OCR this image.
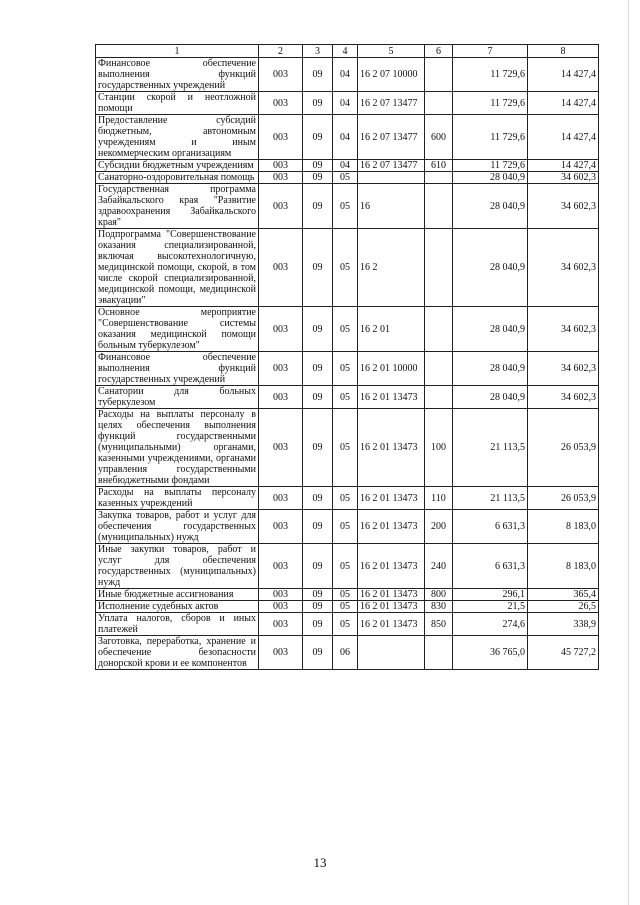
1	2	3	4	5	6	7	8
Финансовое обеспечение выполнения функций государственных учреждений	003	09	04	16 2 07 10000		11 729,6	14 427,4
Станции скорой и неотложной помощи	003	09	04	16 2 07 13477		11 729,6	14 427,4
Предоставление субсидий бюджетным, автономным учреждениям и иным некоммерческим организациям	003	09	04	16 2 07 13477	600	11 729,6	14 427,4
Субсидии бюджетным учреждениям	003	09	04	16 2 07 13477	610	11 729,6	14 427,4
Санаторно-оздоровительная помощь	003	09	05			28 040,9	34 602,3
Государственная программа Забайкальского края "Развитие здравоохранения Забайкальского края"	003	09	05	16		28 040,9	34 602,3
Подпрограмма "Совершенствование оказания специализированной, включая высокотехнологичную, медицинской помощи, скорой, в том числе скорой специализированной, медицинской помощи, медицинской эвакуации"	003	09	05	16 2		28 040,9	34 602,3
Основное мероприятие "Совершенствование системы оказания медицинской помощи больным туберкулезом"	003	09	05	16 2 01		28 040,9	34 602,3
Финансовое обеспечение выполнения функций государственных учреждений	003	09	05	16 2 01 10000		28 040,9	34 602,3
Санатории для больных туберкулезом	003	09	05	16 2 01 13473		28 040,9	34 602,3
Расходы на выплаты персоналу в целях обеспечения выполнения функций государственными (муниципальными) органами, казенными учреждениями, органами управления государственными внебюджетными фондами	003	09	05	16 2 01 13473	100	21 113,5	26 053,9
Расходы на выплаты персоналу казенных учреждений	003	09	05	16 2 01 13473	110	21 113,5	26 053,9
Закупка товаров, работ и услуг для обеспечения государственных (муниципальных) нужд	003	09	05	16 2 01 13473	200	6 631,3	8 183,0
Иные закупки товаров, работ и услуг для обеспечения государственных (муниципальных) нужд	003	09	05	16 2 01 13473	240	6 631,3	8 183,0
Иные бюджетные ассигнования	003	09	05	16 2 01 13473	800	296,1	365,4
Исполнение судебных актов	003	09	05	16 2 01 13473	830	21,5	26,5
Уплата налогов, сборов и иных платежей	003	09	05	16 2 01 13473	850	274,6	338,9
Заготовка, переработка, хранение и обеспечение безопасности донорской крови и ее компонентов	003	09	06			36 765,0	45 727,2
13
